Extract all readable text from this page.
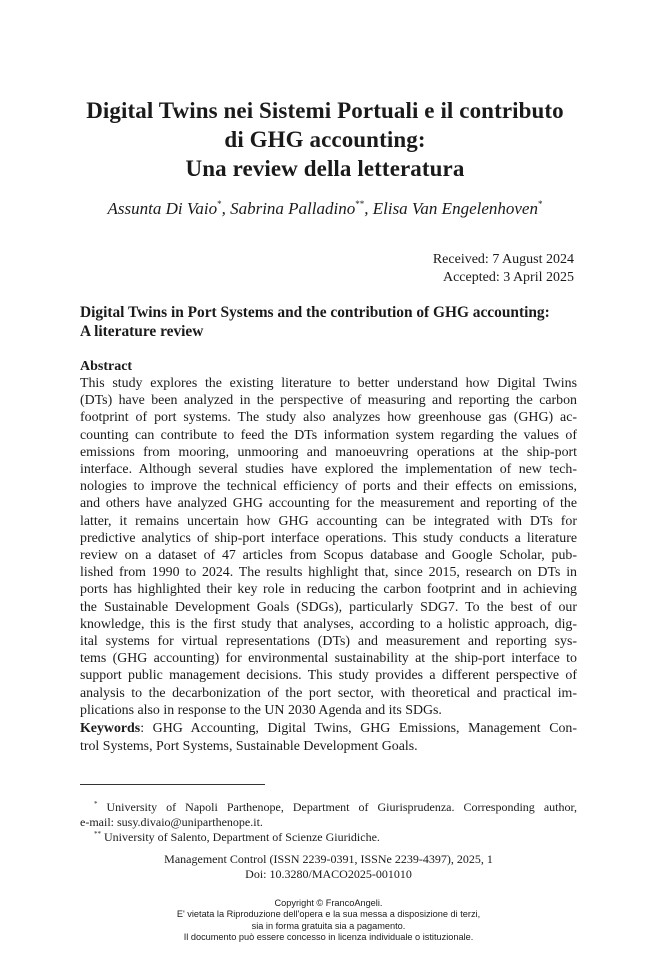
Digital Twins nei Sistemi Portuali e il contributo
di GHG accounting:
Una review della letteratura
Assunta Di Vaio*, Sabrina Palladino**, Elisa Van Engelenhoven*
Received: 7 August 2024
Accepted: 3 April 2025
Digital Twins in Port Systems and the contribution of GHG accounting:
A literature review
Abstract
This study explores the existing literature to better understand how Digital Twins
(DTs) have been analyzed in the perspective of measuring and reporting the carbon
footprint of port systems. The study also analyzes how greenhouse gas (GHG) ac-
counting can contribute to feed the DTs information system regarding the values of
emissions from mooring, unmooring and manoeuvring operations at the ship-port
interface. Although several studies have explored the implementation of new tech-
nologies to improve the technical efficiency of ports and their effects on emissions,
and others have analyzed GHG accounting for the measurement and reporting of the
latter, it remains uncertain how GHG accounting can be integrated with DTs for
predictive analytics of ship-port interface operations. This study conducts a literature
review on a dataset of 47 articles from Scopus database and Google Scholar, pub-
lished from 1990 to 2024. The results highlight that, since 2015, research on DTs in
ports has highlighted their key role in reducing the carbon footprint and in achieving
the Sustainable Development Goals (SDGs), particularly SDG7. To the best of our
knowledge, this is the first study that analyses, according to a holistic approach, dig-
ital systems for virtual representations (DTs) and measurement and reporting sys-
tems (GHG accounting) for environmental sustainability at the ship-port interface to
support public management decisions. This study provides a different perspective of
analysis to the decarbonization of the port sector, with theoretical and practical im-
plications also in response to the UN 2030 Agenda and its SDGs.
Keywords: GHG Accounting, Digital Twins, GHG Emissions, Management Con-
trol Systems, Port Systems, Sustainable Development Goals.
* University of Napoli Parthenope, Department of Giurisprudenza. Corresponding author,
e-mail: susy.divaio@uniparthenope.it.
** University of Salento, Department of Scienze Giuridiche.
Management Control (ISSN 2239-0391, ISSNe 2239-4397), 2025, 1
Doi: 10.3280/MACO2025-001010
Copyright © FrancoAngeli.
E' vietata la Riproduzione dell'opera e la sua messa a disposizione di terzi,
sia in forma gratuita sia a pagamento.
Il documento può essere concesso in licenza individuale o istituzionale.
